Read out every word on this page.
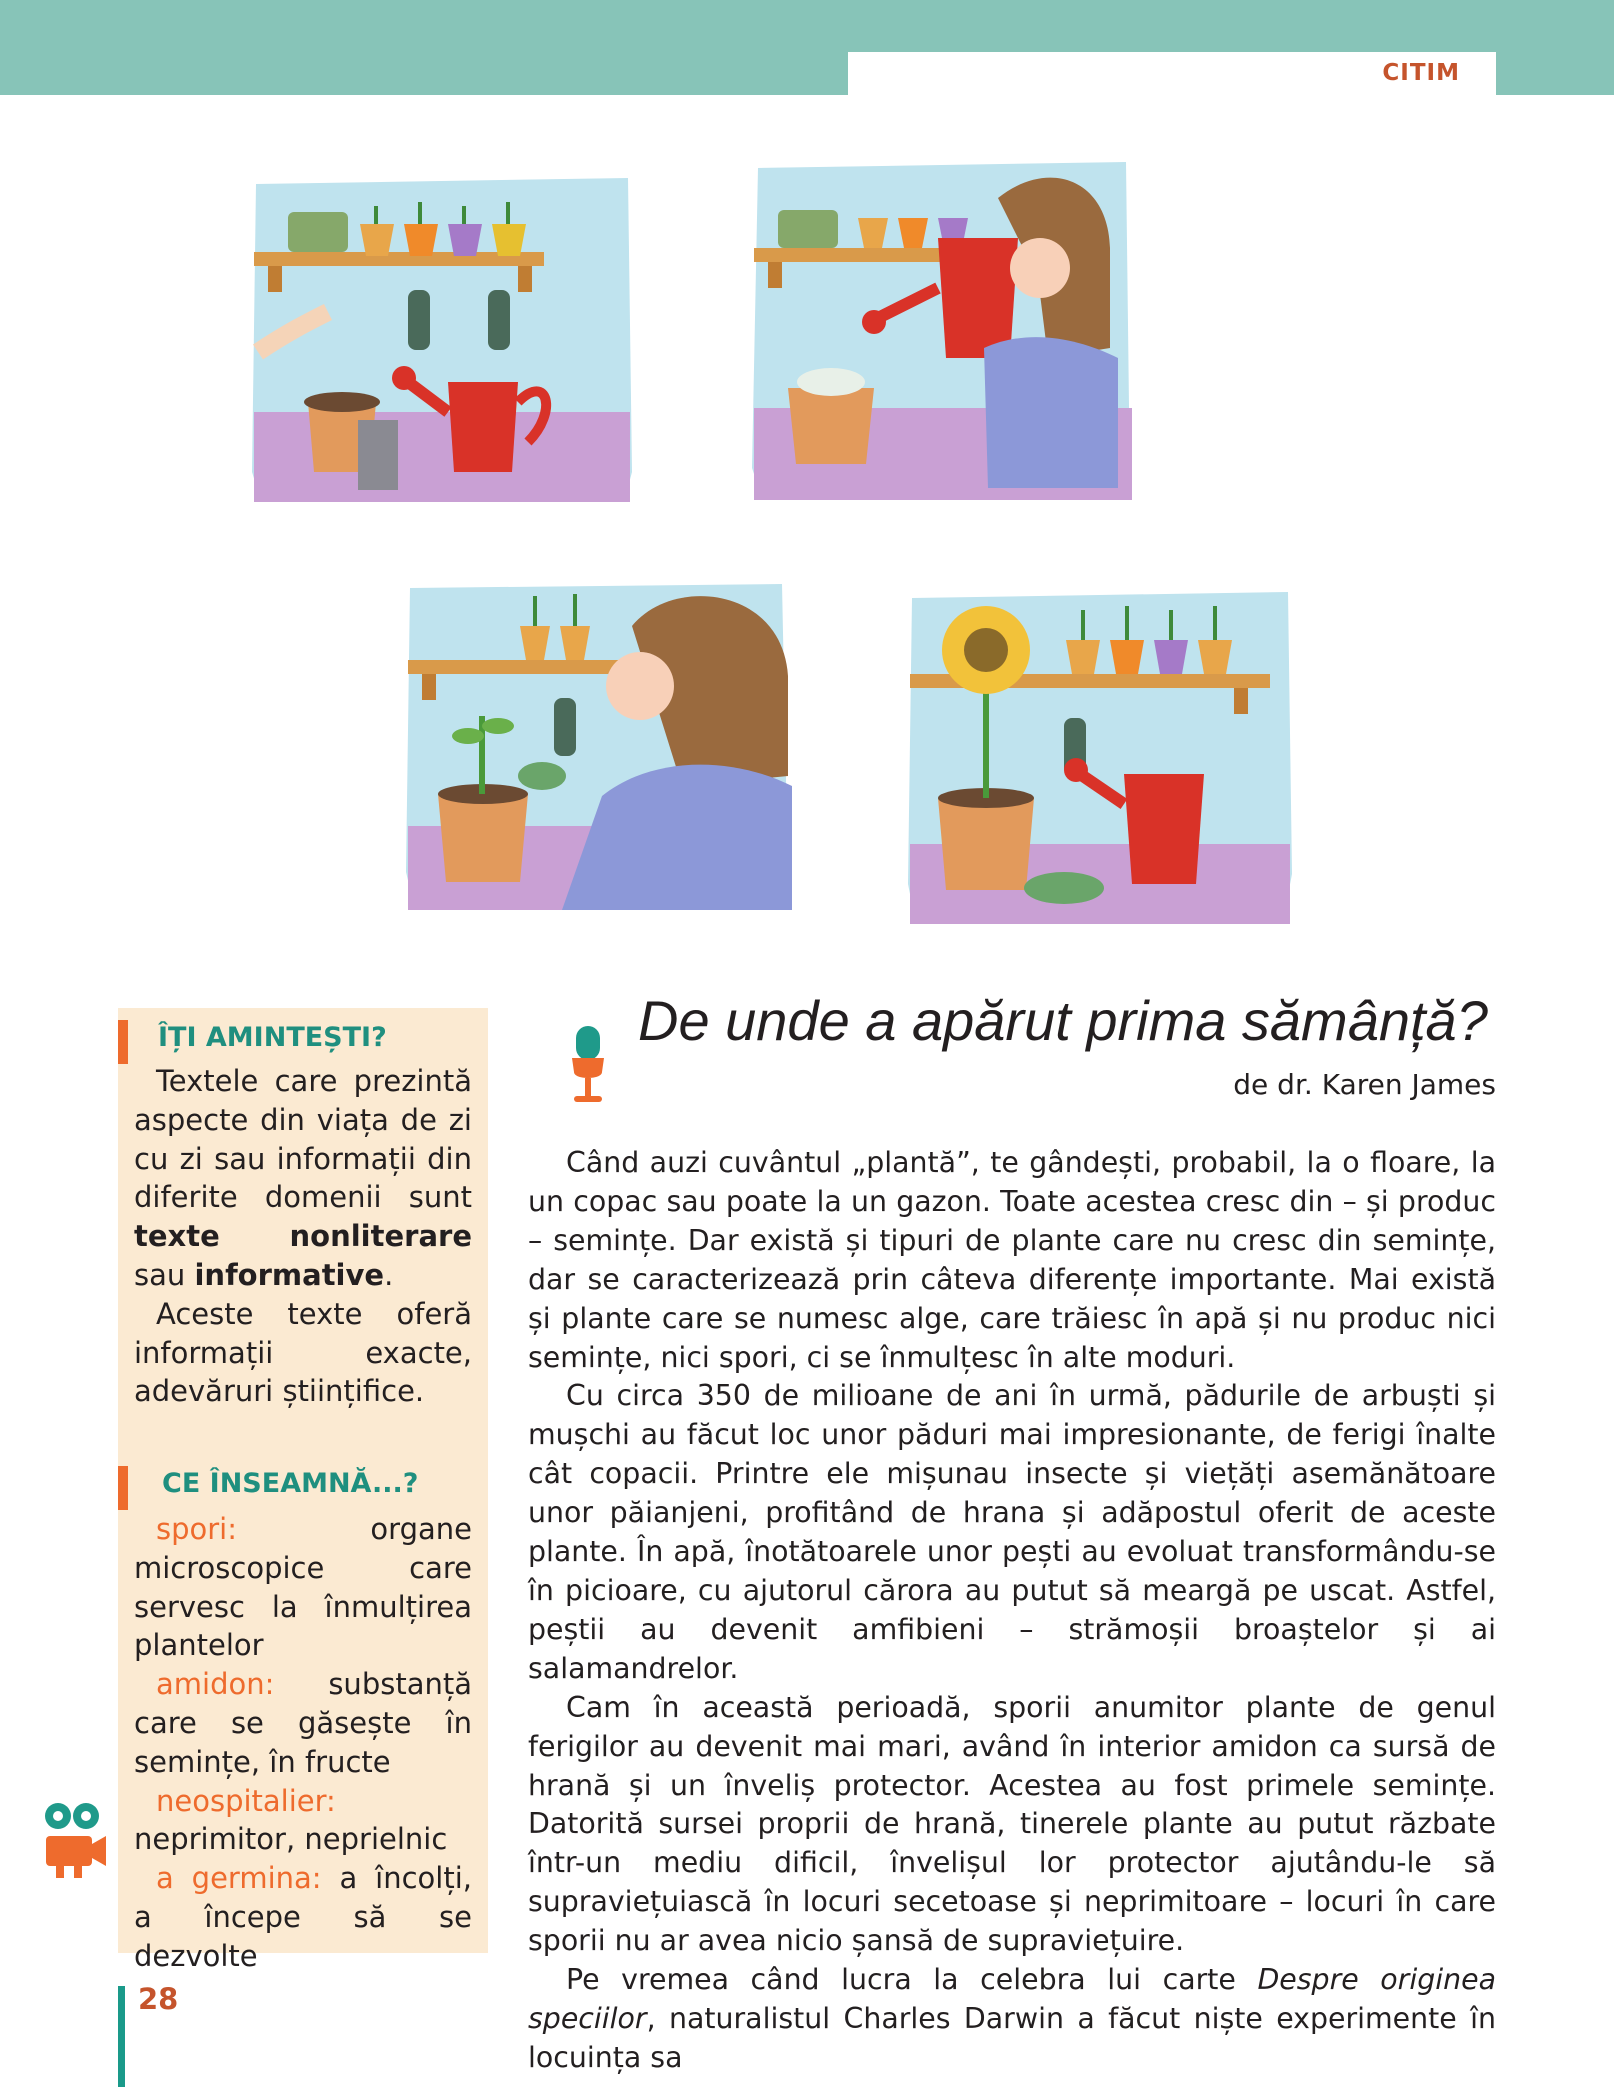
CITIM
ÎȚI AMINTEȘTI?

Textele care prezintă aspecte din viața de zi cu zi sau informații din diferite domenii sunt texte nonliterare sau informative.

Aceste texte oferă informații exacte, adevăruri științifice.

CE ÎNSEAMNĂ...?

spori: organe microscopice care servesc la înmulțirea plantelor

amidon: substanță care se găsește în semințe, în fructe

neospitalier: neprimitor, neprielnic

a germina: a încolți, a începe să se dezvolte

De unde a apărut prima sămânță?
de dr. Karen James

Când auzi cuvântul „plantă”, te gândești, probabil, la o floare, la un copac sau poate la un gazon. Toate acestea cresc din – și produc – semințe. Dar există și tipuri de plante care nu cresc din semințe, dar se caracterizează prin câteva diferențe importante. Mai există și plante care se numesc alge, care trăiesc în apă și nu produc nici semințe, nici spori, ci se înmulțesc în alte moduri.

Cu circa 350 de milioane de ani în urmă, pădurile de arbuști și mușchi au făcut loc unor păduri mai impresionante, de ferigi înalte cât copacii. Printre ele mișunau insecte și viețăți asemănătoare unor păianjeni, profitând de hrana și adăpostul oferit de aceste plante. În apă, înotătoarele unor pești au evoluat transformându-se în picioare, cu ajutorul cărora au putut să meargă pe uscat. Astfel, peștii au devenit amfibieni – strămoșii broaștelor și ai salamandrelor.

Cam în această perioadă, sporii anumitor plante de genul ferigilor au devenit mai mari, având în interior amidon ca sursă de hrană și un înveliș protector. Acestea au fost primele semințe. Datorită sursei proprii de hrană, tinerele plante au putut răzbate într-un mediu dificil, învelișul lor protector ajutându-le să supraviețuiască în locuri secetoase și neprimitoare – locuri în care sporii nu ar avea nicio șansă de supraviețuire.

Pe vremea când lucra la celebra lui carte Despre originea speciilor, naturalistul Charles Darwin a făcut niște experimente în locuința sa

28
